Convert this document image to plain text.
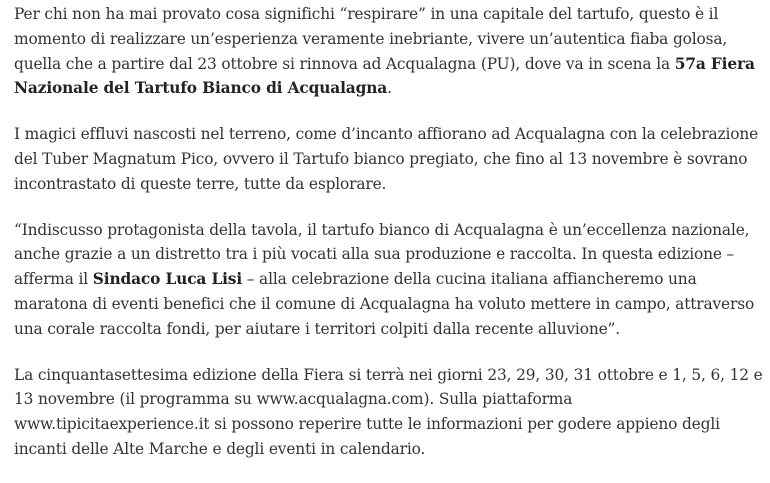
Per chi non ha mai provato cosa significhi “respirare” in una capitale del tartufo, questo è il momento di realizzare un’esperienza veramente inebriante, vivere un’autentica fiaba golosa, quella che a partire dal 23 ottobre si rinnova ad Acqualagna (PU), dove va in scena la 57a Fiera Nazionale del Tartufo Bianco di Acqualagna.

I magici effluvi nascosti nel terreno, come d’incanto affiorano ad Acqualagna con la celebrazione del Tuber Magnatum Pico, ovvero il Tartufo bianco pregiato, che fino al 13 novembre è sovrano incontrastato di queste terre, tutte da esplorare.

“Indiscusso protagonista della tavola, il tartufo bianco di Acqualagna è un’eccellenza nazionale, anche grazie a un distretto tra i più vocati alla sua produzione e raccolta. In questa edizione – afferma il Sindaco Luca Lisi – alla celebrazione della cucina italiana affiancheremo una maratona di eventi benefici che il comune di Acqualagna ha voluto mettere in campo, attraverso una corale raccolta fondi, per aiutare i territori colpiti dalla recente alluvione”.

La cinquantasettesima edizione della Fiera si terrà nei giorni 23, 29, 30, 31 ottobre e 1, 5, 6, 12 e 13 novembre (il programma su www.acqualagna.com). Sulla piattaforma www.tipicitaexperience.it si possono reperire tutte le informazioni per godere appieno degli incanti delle Alte Marche e degli eventi in calendario.
